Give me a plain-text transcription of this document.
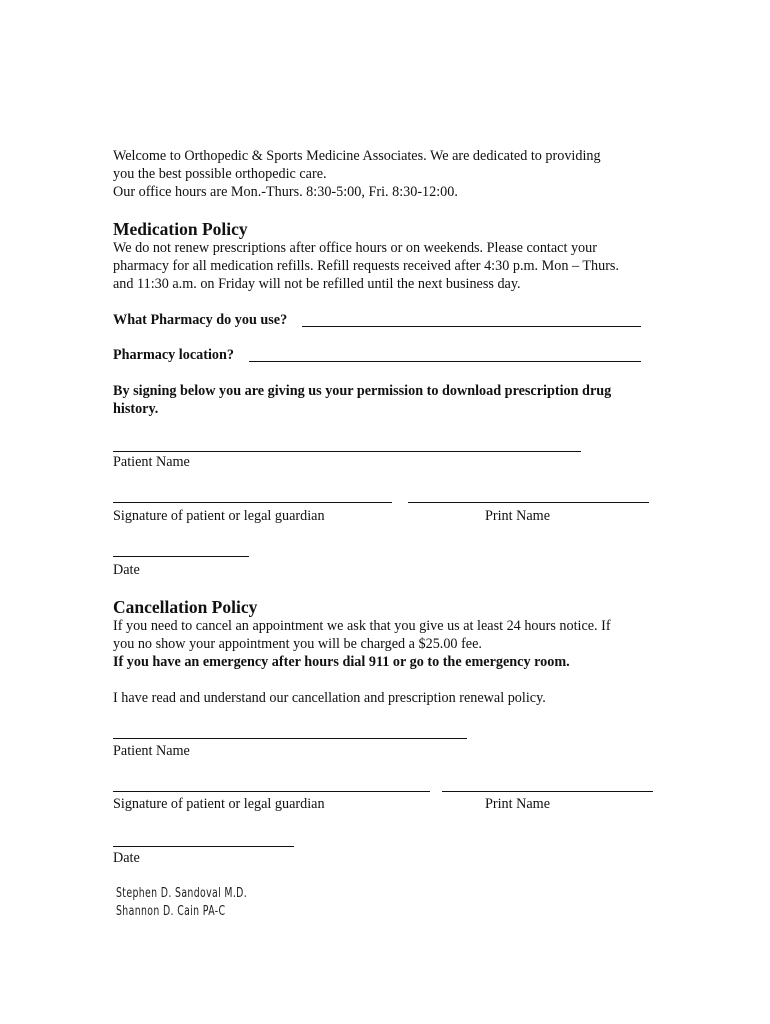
Welcome to Orthopedic & Sports Medicine Associates. We are dedicated to providing
you the best possible orthopedic care.
Our office hours are Mon.-Thurs. 8:30-5:00, Fri. 8:30-12:00.
Medication Policy
We do not renew prescriptions after office hours or on weekends. Please contact your
pharmacy for all medication refills. Refill requests received after 4:30 p.m. Mon – Thurs.
and 11:30 a.m. on Friday will not be refilled until the next business day.
What Pharmacy do you use?
Pharmacy location?
By signing below you are giving us your permission to download prescription drug
history.
Patient Name
Signature of patient or legal guardian	Print Name
Date
Cancellation Policy
If you need to cancel an appointment we ask that you give us at least 24 hours notice. If
you no show your appointment you will be charged a $25.00 fee.
If you have an emergency after hours dial 911 or go to the emergency room.
I have read and understand our cancellation and prescription renewal policy.
Patient Name
Signature of patient or legal guardian	Print Name
Date
Stephen D. Sandoval M.D.
Shannon D. Cain PA-C
